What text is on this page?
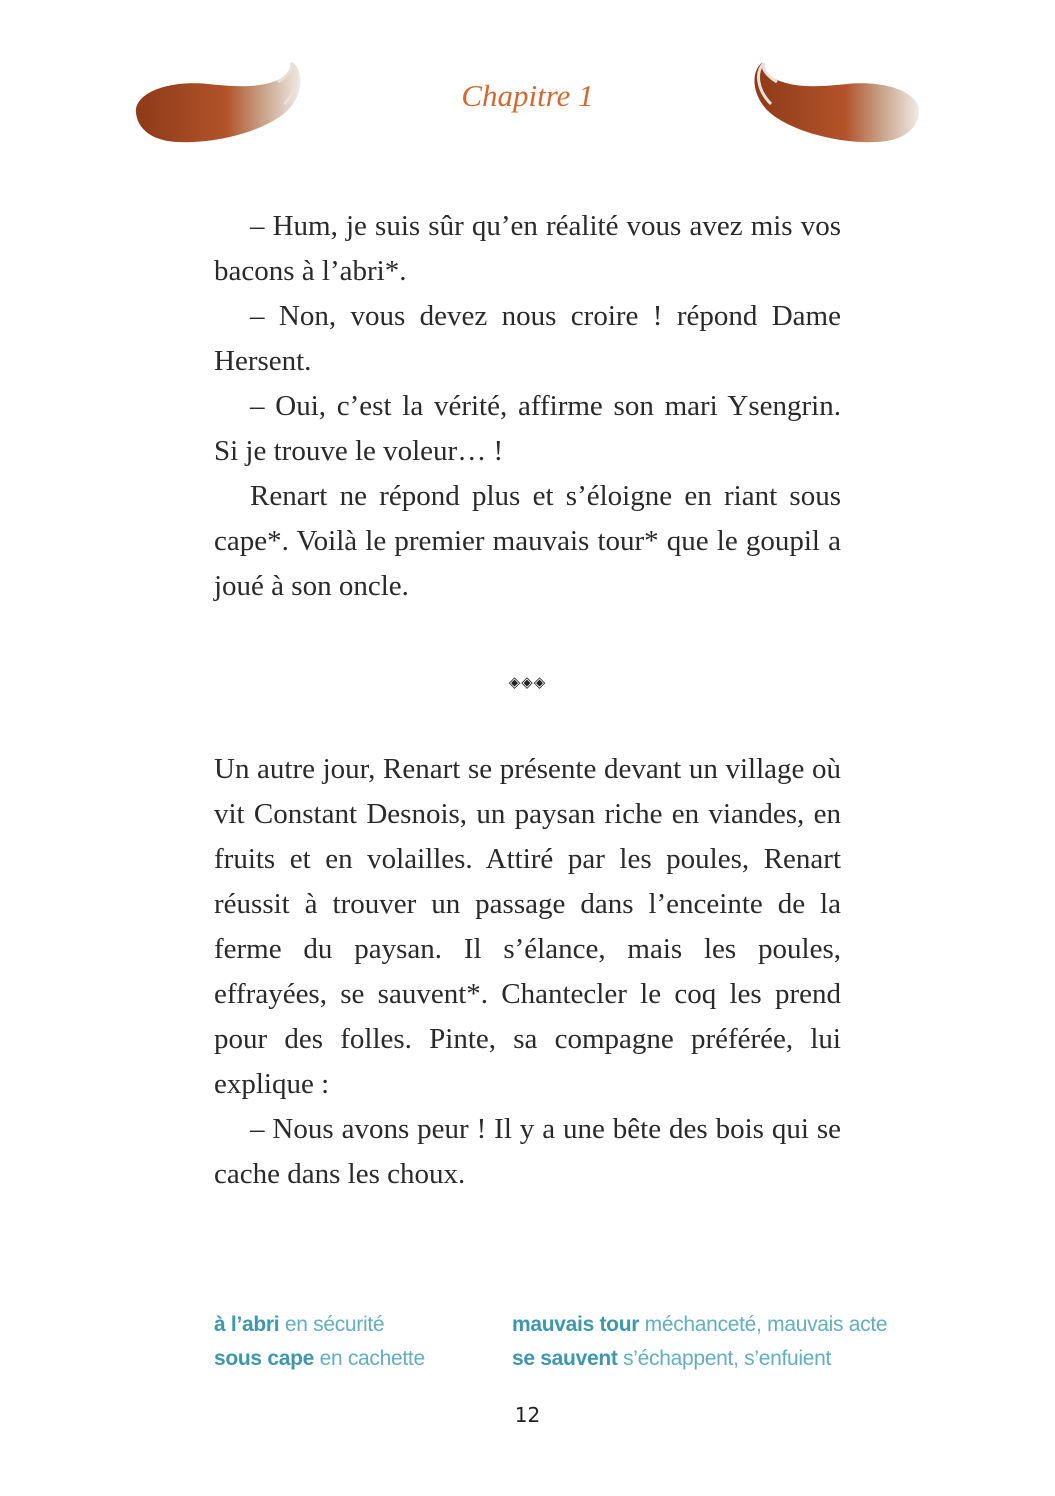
Chapitre 1

– Hum, je suis sûr qu’en réalité vous avez mis vos bacons à l’abri*.

– Non, vous devez nous croire ! répond Dame Hersent.

– Oui, c’est la vérité, affirme son mari Ysengrin. Si je trouve le voleur… !

Renart ne répond plus et s’éloigne en riant sous cape*. Voilà le premier mauvais tour* que le goupil a joué à son oncle.

◈◈◈

Un autre jour, Renart se présente devant un village où vit Constant Desnois, un paysan riche en viandes, en fruits et en volailles. Attiré par les poules, Renart réussit à trouver un passage dans l’enceinte de la ferme du paysan. Il s’élance, mais les poules, effrayées, se sauvent*. Chantecler le coq les prend pour des folles. Pinte, sa compagne préférée, lui explique :

– Nous avons peur ! Il y a une bête des bois qui se cache dans les choux.

à l’abri en sécurité
sous cape en cachette
mauvais tour méchanceté, mauvais acte
se sauvent s’échappent, s’enfuient
12
